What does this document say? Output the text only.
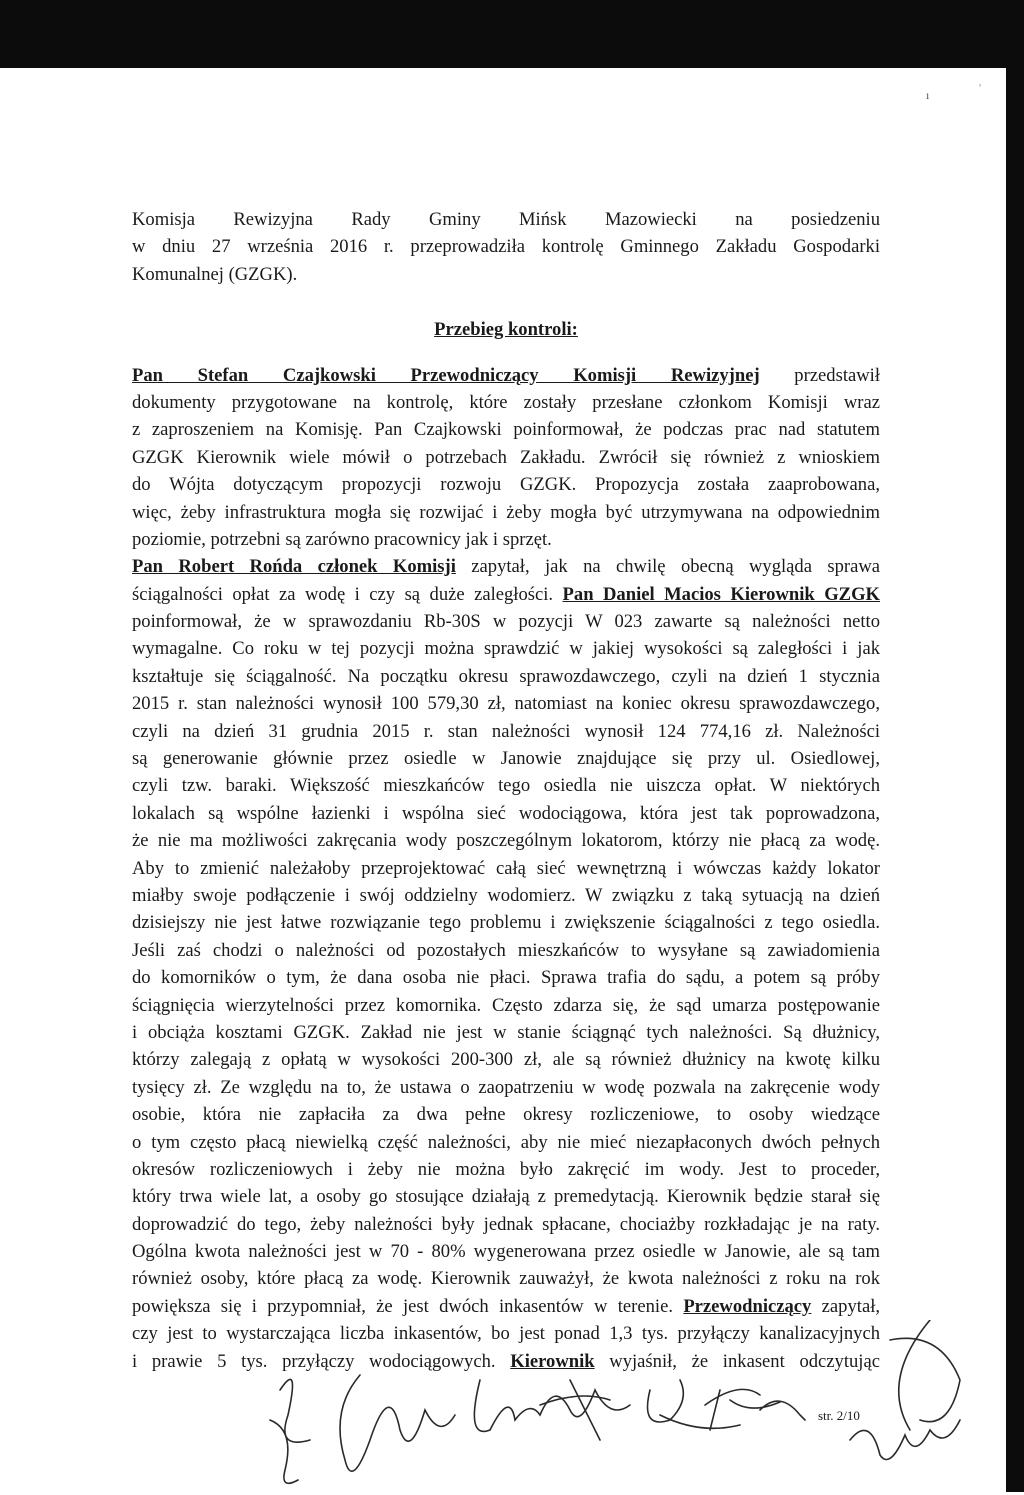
ı
˒
Komisja Rewizyjna Rady Gminy Mińsk Mazowiecki na posiedzeniu
w dniu 27 września 2016 r. przeprowadziła kontrolę Gminnego Zakładu Gospodarki
Komunalnej (GZGK).
Przebieg kontroli:
Pan Stefan Czajkowski Przewodniczący Komisji Rewizyjnej przedstawił
dokumenty przygotowane na kontrolę, które zostały przesłane członkom Komisji wraz
z zaproszeniem na Komisję. Pan Czajkowski poinformował, że podczas prac nad statutem
GZGK Kierownik wiele mówił o potrzebach Zakładu. Zwrócił się również z wnioskiem
do Wójta dotyczącym propozycji rozwoju GZGK. Propozycja została zaaprobowana,
więc, żeby infrastruktura mogła się rozwijać i żeby mogła być utrzymywana na odpowiednim
poziomie, potrzebni są zarówno pracownicy jak i sprzęt.
Pan Robert Rońda członek Komisji zapytał, jak na chwilę obecną wygląda sprawa
ściągalności opłat za wodę i czy są duże zaległości. Pan Daniel Macios Kierownik GZGK
poinformował, że w sprawozdaniu Rb-30S w pozycji W 023 zawarte są należności netto
wymagalne. Co roku w tej pozycji można sprawdzić w jakiej wysokości są zaległości i jak
kształtuje się ściągalność. Na początku okresu sprawozdawczego, czyli na dzień 1 stycznia
2015 r. stan należności wynosił 100 579,30 zł, natomiast na koniec okresu sprawozdawczego,
czyli na dzień 31 grudnia 2015 r. stan należności wynosił 124 774,16 zł. Należności
są generowanie głównie przez osiedle w Janowie znajdujące się przy ul. Osiedlowej,
czyli tzw. baraki. Większość mieszkańców tego osiedla nie uiszcza opłat. W niektórych
lokalach są wspólne łazienki i wspólna sieć wodociągowa, która jest tak poprowadzona,
że nie ma możliwości zakręcania wody poszczególnym lokatorom, którzy nie płacą za wodę.
Aby to zmienić należałoby przeprojektować całą sieć wewnętrzną i wówczas każdy lokator
miałby swoje podłączenie i swój oddzielny wodomierz. W związku z taką sytuacją na dzień
dzisiejszy nie jest łatwe rozwiązanie tego problemu i zwiększenie ściągalności z tego osiedla.
Jeśli zaś chodzi o należności od pozostałych mieszkańców to wysyłane są zawiadomienia
do komorników o tym, że dana osoba nie płaci. Sprawa trafia do sądu, a potem są próby
ściągnięcia wierzytelności przez komornika. Często zdarza się, że sąd umarza postępowanie
i obciąża kosztami GZGK. Zakład nie jest w stanie ściągnąć tych należności. Są dłużnicy,
którzy zalegają z opłatą w wysokości 200-300 zł, ale są również dłużnicy na kwotę kilku
tysięcy zł. Ze względu na to, że ustawa o zaopatrzeniu w wodę pozwala na zakręcenie wody
osobie, która nie zapłaciła za dwa pełne okresy rozliczeniowe, to osoby wiedzące
o tym często płacą niewielką część należności, aby nie mieć niezapłaconych dwóch pełnych
okresów rozliczeniowych i żeby nie można było zakręcić im wody. Jest to proceder,
który trwa wiele lat, a osoby go stosujące działają z premedytacją. Kierownik będzie starał się
doprowadzić do tego, żeby należności były jednak spłacane, chociażby rozkładając je na raty.
Ogólna kwota należności jest w 70 - 80% wygenerowana przez osiedle w Janowie, ale są tam
również osoby, które płacą za wodę. Kierownik zauważył, że kwota należności z roku na rok
powiększa się i przypomniał, że jest dwóch inkasentów w terenie. Przewodniczący zapytał,
czy jest to wystarczająca liczba inkasentów, bo jest ponad 1,3 tys. przyłączy kanalizacyjnych
i prawie 5 tys. przyłączy wodociągowych. Kierownik wyjaśnił, że inkasent odczytując
str. 2/10
